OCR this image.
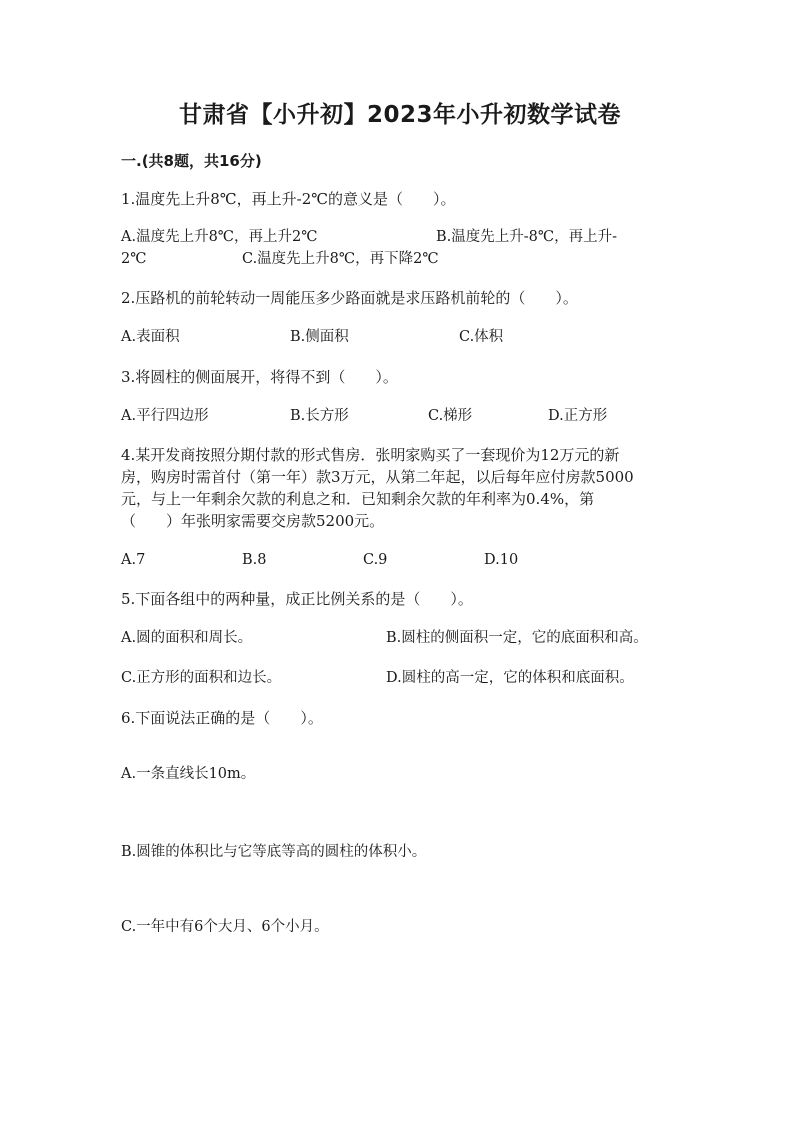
甘肃省【小升初】2023年小升初数学试卷
一.(共8题，共16分)
1.温度先上升8℃，再上升-2℃的意义是（　　）。
A.温度先上升8℃，再上升2℃	B.温度先上升-8℃，再上升-
2℃	C.温度先上升8℃，再下降2℃
2.压路机的前轮转动一周能压多少路面就是求压路机前轮的（　　）。
A.表面积	B.侧面积	C.体积
3.将圆柱的侧面展开，将得不到（　　）。
A.平行四边形	B.长方形	C.梯形	D.正方形
4.某开发商按照分期付款的形式售房．张明家购买了一套现价为12万元的新
房，购房时需首付（第一年）款3万元，从第二年起，以后每年应付房款5000
元，与上一年剩余欠款的利息之和．已知剩余欠款的年利率为0.4%，第
（　　）年张明家需要交房款5200元。
A.7	B.8	C.9	D.10
5.下面各组中的两种量，成正比例关系的是（　　）。
A.圆的面积和周长。	B.圆柱的侧面积一定，它的底面积和高。
C.正方形的面积和边长。	D.圆柱的高一定，它的体积和底面积。
6.下面说法正确的是（　　）。
A.一条直线长10m。
B.圆锥的体积比与它等底等高的圆柱的体积小。
C.一年中有6个大月、6个小月。
